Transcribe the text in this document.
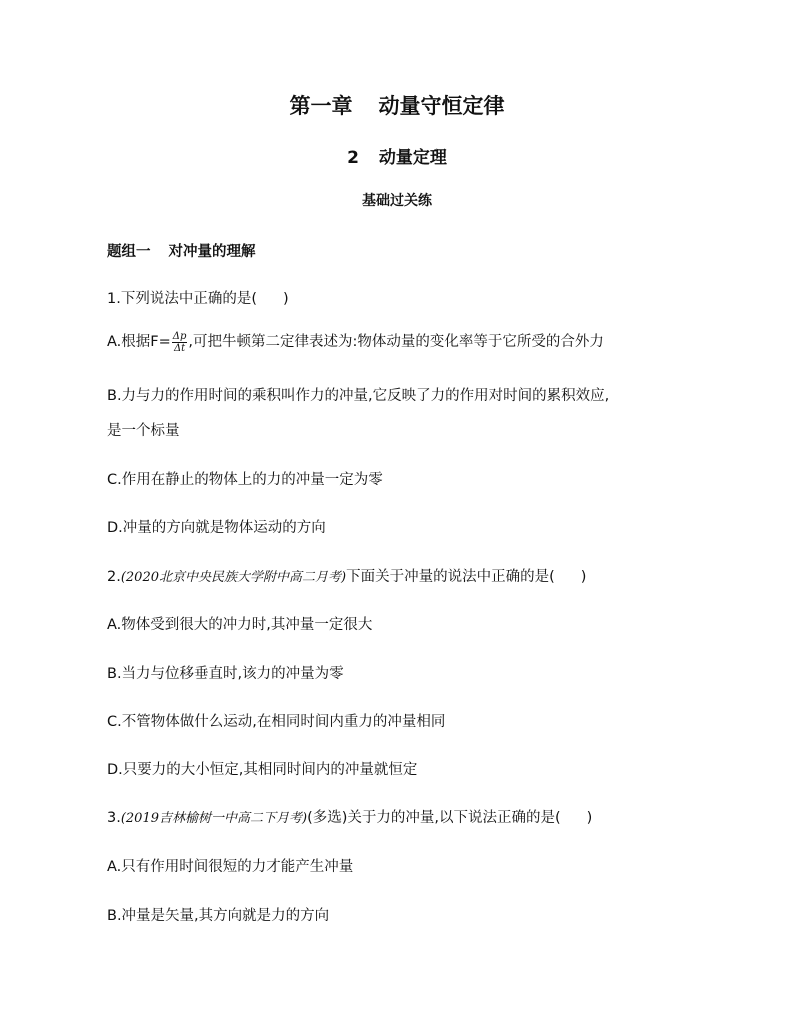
第一章 动量守恒定律
2 动量定理
基础过关练
题组一 对冲量的理解
1.下列说法中正确的是( )
A.根据$F= \frac{\Delta p}{\Delta t}$ ,可把牛顿第二定律表述为:物体动量的变化率等于它所受的合外力
B.力与力的作用时间的乘积叫作力的冲量,它反映了力的作用对时间的累积效应,
是一个标量
C.作用在静止的物体上的力的冲量一定为零
D.冲量的方向就是物体运动的方向
2.(2020北京中央民族大学附中高二月考)下面关于冲量的说法中正确的是( )
A.物体受到很大的冲力时,其冲量一定很大
B.当力与位移垂直时,该力的冲量为零
C.不管物体做什么运动,在相同时间内重力的冲量相同
D.只要力的大小恒定,其相同时间内的冲量就恒定
3.(2019吉林榆树一中高二下月考)(多选)关于力的冲量,以下说法正确的是( )
A.只有作用时间很短的力才能产生冲量
B.冲量是矢量,其方向就是力的方向
